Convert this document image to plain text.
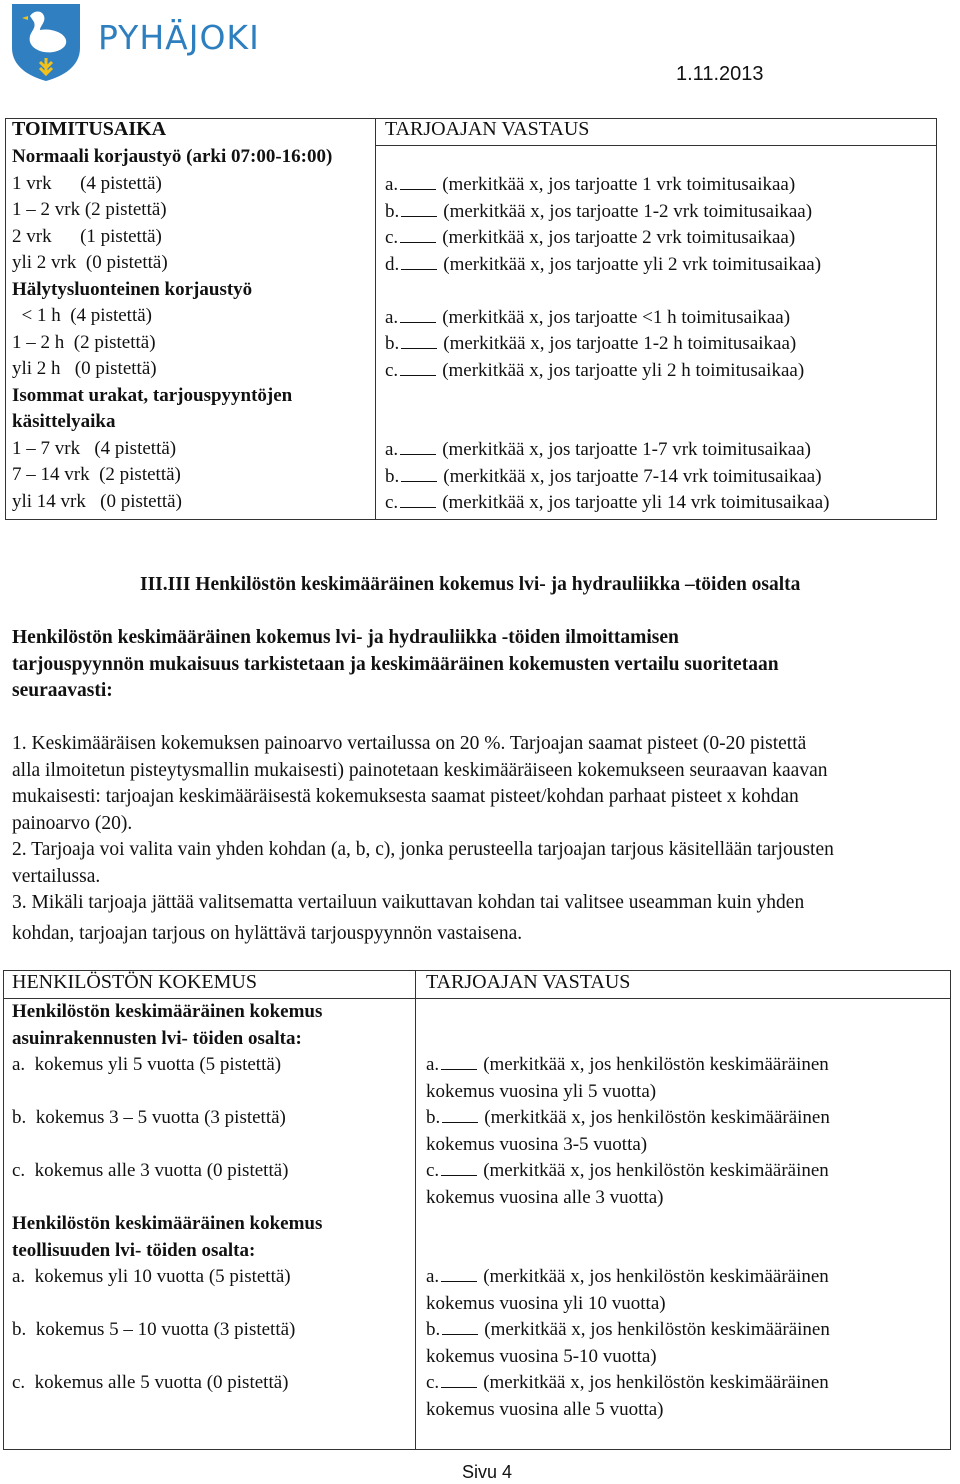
PYHÄJOKI
1.11.2013
TOIMITUSAIKA	TARJOAJAN VASTAUS
Normaali korjaustyö (arki 07:00-16:00)
1 vrk      (4 pistettä)
1 – 2 vrk (2 pistettä)
2 vrk      (1 pistettä)
yli 2 vrk  (0 pistettä)
Hälytysluonteinen korjaustyö
< 1 h  (4 pistettä)
1 – 2 h  (2 pistettä)
yli 2 h   (0 pistettä)
Isommat urakat, tarjouspyyntöjen
käsittelyaika
1 – 7 vrk   (4 pistettä)
7 – 14 vrk  (2 pistettä)
yli 14 vrk   (0 pistettä)
a. (merkitkää x, jos tarjoatte 1 vrk toimitusaikaa)
b. (merkitkää x, jos tarjoatte 1-2 vrk toimitusaikaa)
c. (merkitkää x, jos tarjoatte 2 vrk toimitusaikaa)
d. (merkitkää x, jos tarjoatte yli 2 vrk toimitusaikaa)
a. (merkitkää x, jos tarjoatte <1 h toimitusaikaa)
b. (merkitkää x, jos tarjoatte 1-2 h toimitusaikaa)
c. (merkitkää x, jos tarjoatte yli 2 h toimitusaikaa)
a. (merkitkää x, jos tarjoatte 1-7 vrk toimitusaikaa)
b. (merkitkää x, jos tarjoatte 7-14 vrk toimitusaikaa)
c. (merkitkää x, jos tarjoatte yli 14 vrk toimitusaikaa)
III.III Henkilöstön keskimääräinen kokemus lvi- ja hydrauliikka –töiden osalta
Henkilöstön keskimääräinen kokemus lvi- ja hydrauliikka -töiden ilmoittamisen
tarjouspyynnön mukaisuus tarkistetaan ja keskimääräinen kokemusten vertailu suoritetaan
seuraavasti:
1. Keskimääräisen kokemuksen painoarvo vertailussa on 20 %. Tarjoajan saamat pisteet (0-20 pistettä
alla ilmoitetun pisteytysmallin mukaisesti) painotetaan keskimääräiseen kokemukseen seuraavan kaavan
mukaisesti: tarjoajan keskimääräisestä kokemuksesta saamat pisteet/kohdan parhaat pisteet x kohdan
painoarvo (20).
2. Tarjoaja voi valita vain yhden kohdan (a, b, c), jonka perusteella tarjoajan tarjous käsitellään tarjousten
vertailussa.
3. Mikäli tarjoaja jättää valitsematta vertailuun vaikuttavan kohdan tai valitsee useamman kuin yhden
kohdan, tarjoajan tarjous on hylättävä tarjouspyynnön vastaisena.
HENKILÖSTÖN KOKEMUS	TARJOAJAN VASTAUS
Henkilöstön keskimääräinen kokemus
asuinrakennusten lvi- töiden osalta:
a.  kokemus yli 5 vuotta (5 pistettä)
b.  kokemus 3 – 5 vuotta (3 pistettä)
c.  kokemus alle 3 vuotta (0 pistettä)
a. (merkitkää x, jos henkilöstön keskimääräinen
kokemus vuosina yli 5 vuotta)
b. (merkitkää x, jos henkilöstön keskimääräinen
kokemus vuosina 3-5 vuotta)
c. (merkitkää x, jos henkilöstön keskimääräinen
kokemus vuosina alle 3 vuotta)
Henkilöstön keskimääräinen kokemus
teollisuuden lvi- töiden osalta:
a.  kokemus yli 10 vuotta (5 pistettä)
b.  kokemus 5 – 10 vuotta (3 pistettä)
c.  kokemus alle 5 vuotta (0 pistettä)
a. (merkitkää x, jos henkilöstön keskimääräinen
kokemus vuosina yli 10 vuotta)
b. (merkitkää x, jos henkilöstön keskimääräinen
kokemus vuosina 5-10 vuotta)
c. (merkitkää x, jos henkilöstön keskimääräinen
kokemus vuosina alle 5 vuotta)
Sivu 4
